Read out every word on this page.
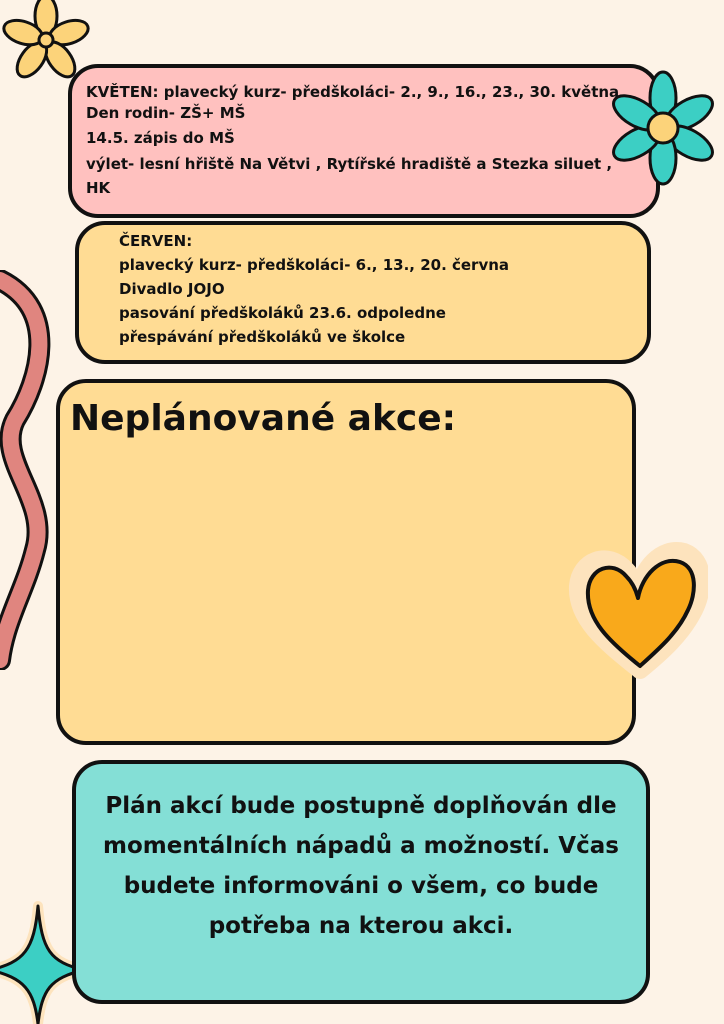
KVĚTEN: plavecký kurz- předškoláci- 2., 9., 16., 23., 30. května
Den rodin- ZŠ+ MŠ
14.5. zápis do MŠ
výlet- lesní hřiště Na Větvi , Rytířské hradiště a Stezka siluet ,
HK
ČERVEN:
plavecký kurz- předškoláci- 6., 13., 20. června
Divadlo JOJO
pasování předškoláků 23.6. odpoledne
přespávání předškoláků ve školce
Neplánované akce:

Plán akcí bude postupně doplňován dle momentálních nápadů a možností. Včas budete informováni o všem, co bude potřeba na kterou akci.
